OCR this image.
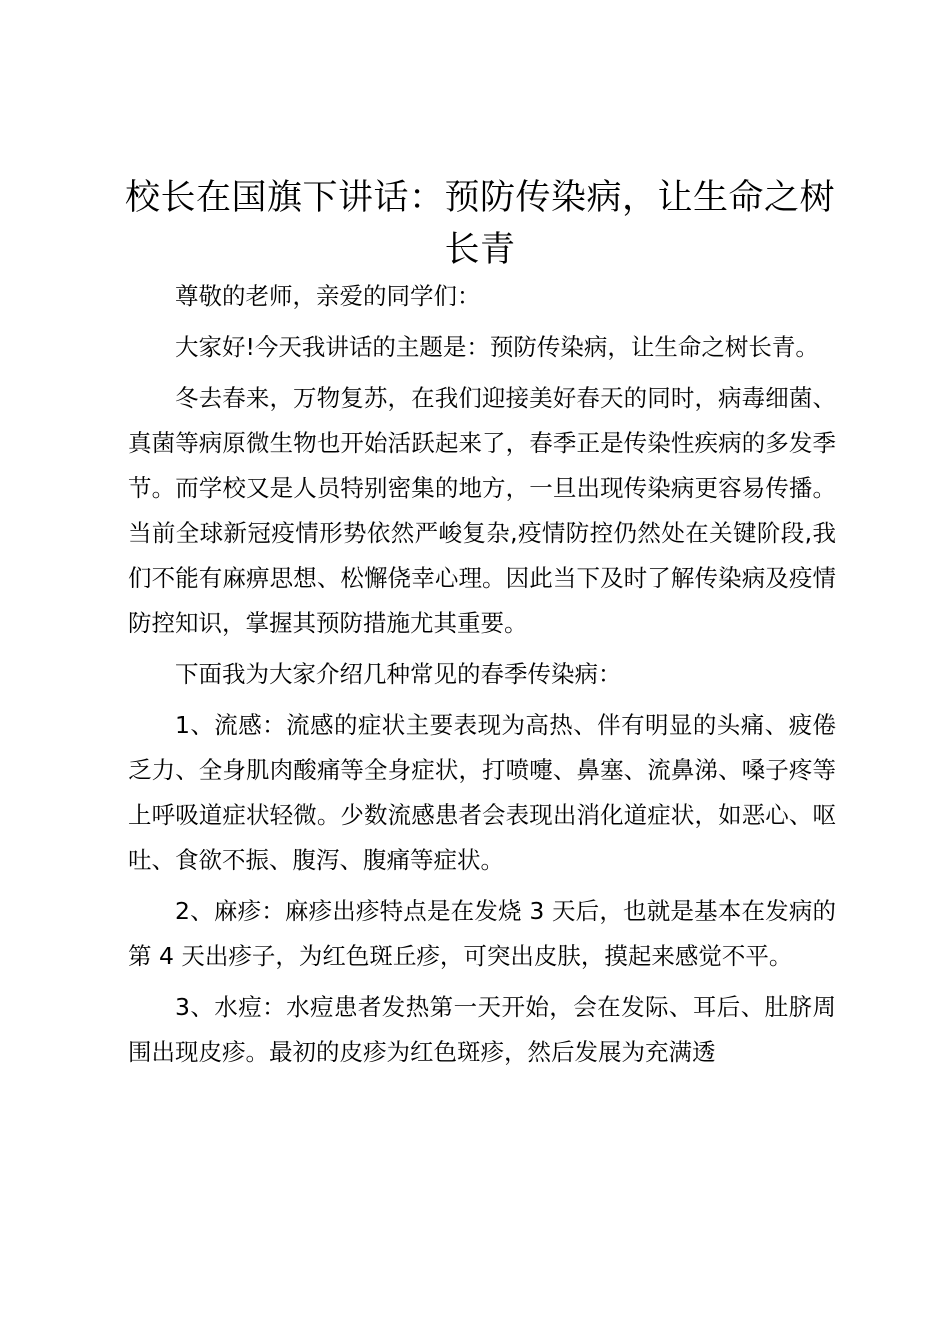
校长在国旗下讲话：预防传染病，让生命之树长青

尊敬的老师，亲爱的同学们：

大家好!今天我讲话的主题是：预防传染病，让生命之树长青。

冬去春来，万物复苏，在我们迎接美好春天的同时，病毒细菌、真菌等病原微生物也开始活跃起来了，春季正是传染性疾病的多发季节。而学校又是人员特别密集的地方，一旦出现传染病更容易传播。当前全球新冠疫情形势依然严峻复杂,疫情防控仍然处在关键阶段,我们不能有麻痹思想、松懈侥幸心理。因此当下及时了解传染病及疫情防控知识，掌握其预防措施尤其重要。

下面我为大家介绍几种常见的春季传染病：

1、流感：流感的症状主要表现为高热、伴有明显的头痛、疲倦乏力、全身肌肉酸痛等全身症状，打喷嚏、鼻塞、流鼻涕、嗓子疼等上呼吸道症状轻微。少数流感患者会表现出消化道症状，如恶心、呕吐、食欲不振、腹泻、腹痛等症状。

2、麻疹：麻疹出疹特点是在发烧 3 天后，也就是基本在发病的第 4 天出疹子，为红色斑丘疹，可突出皮肤，摸起来感觉不平。

3、水痘：水痘患者发热第一天开始，会在发际、耳后、肚脐周围出现皮疹。最初的皮疹为红色斑疹，然后发展为充满透
